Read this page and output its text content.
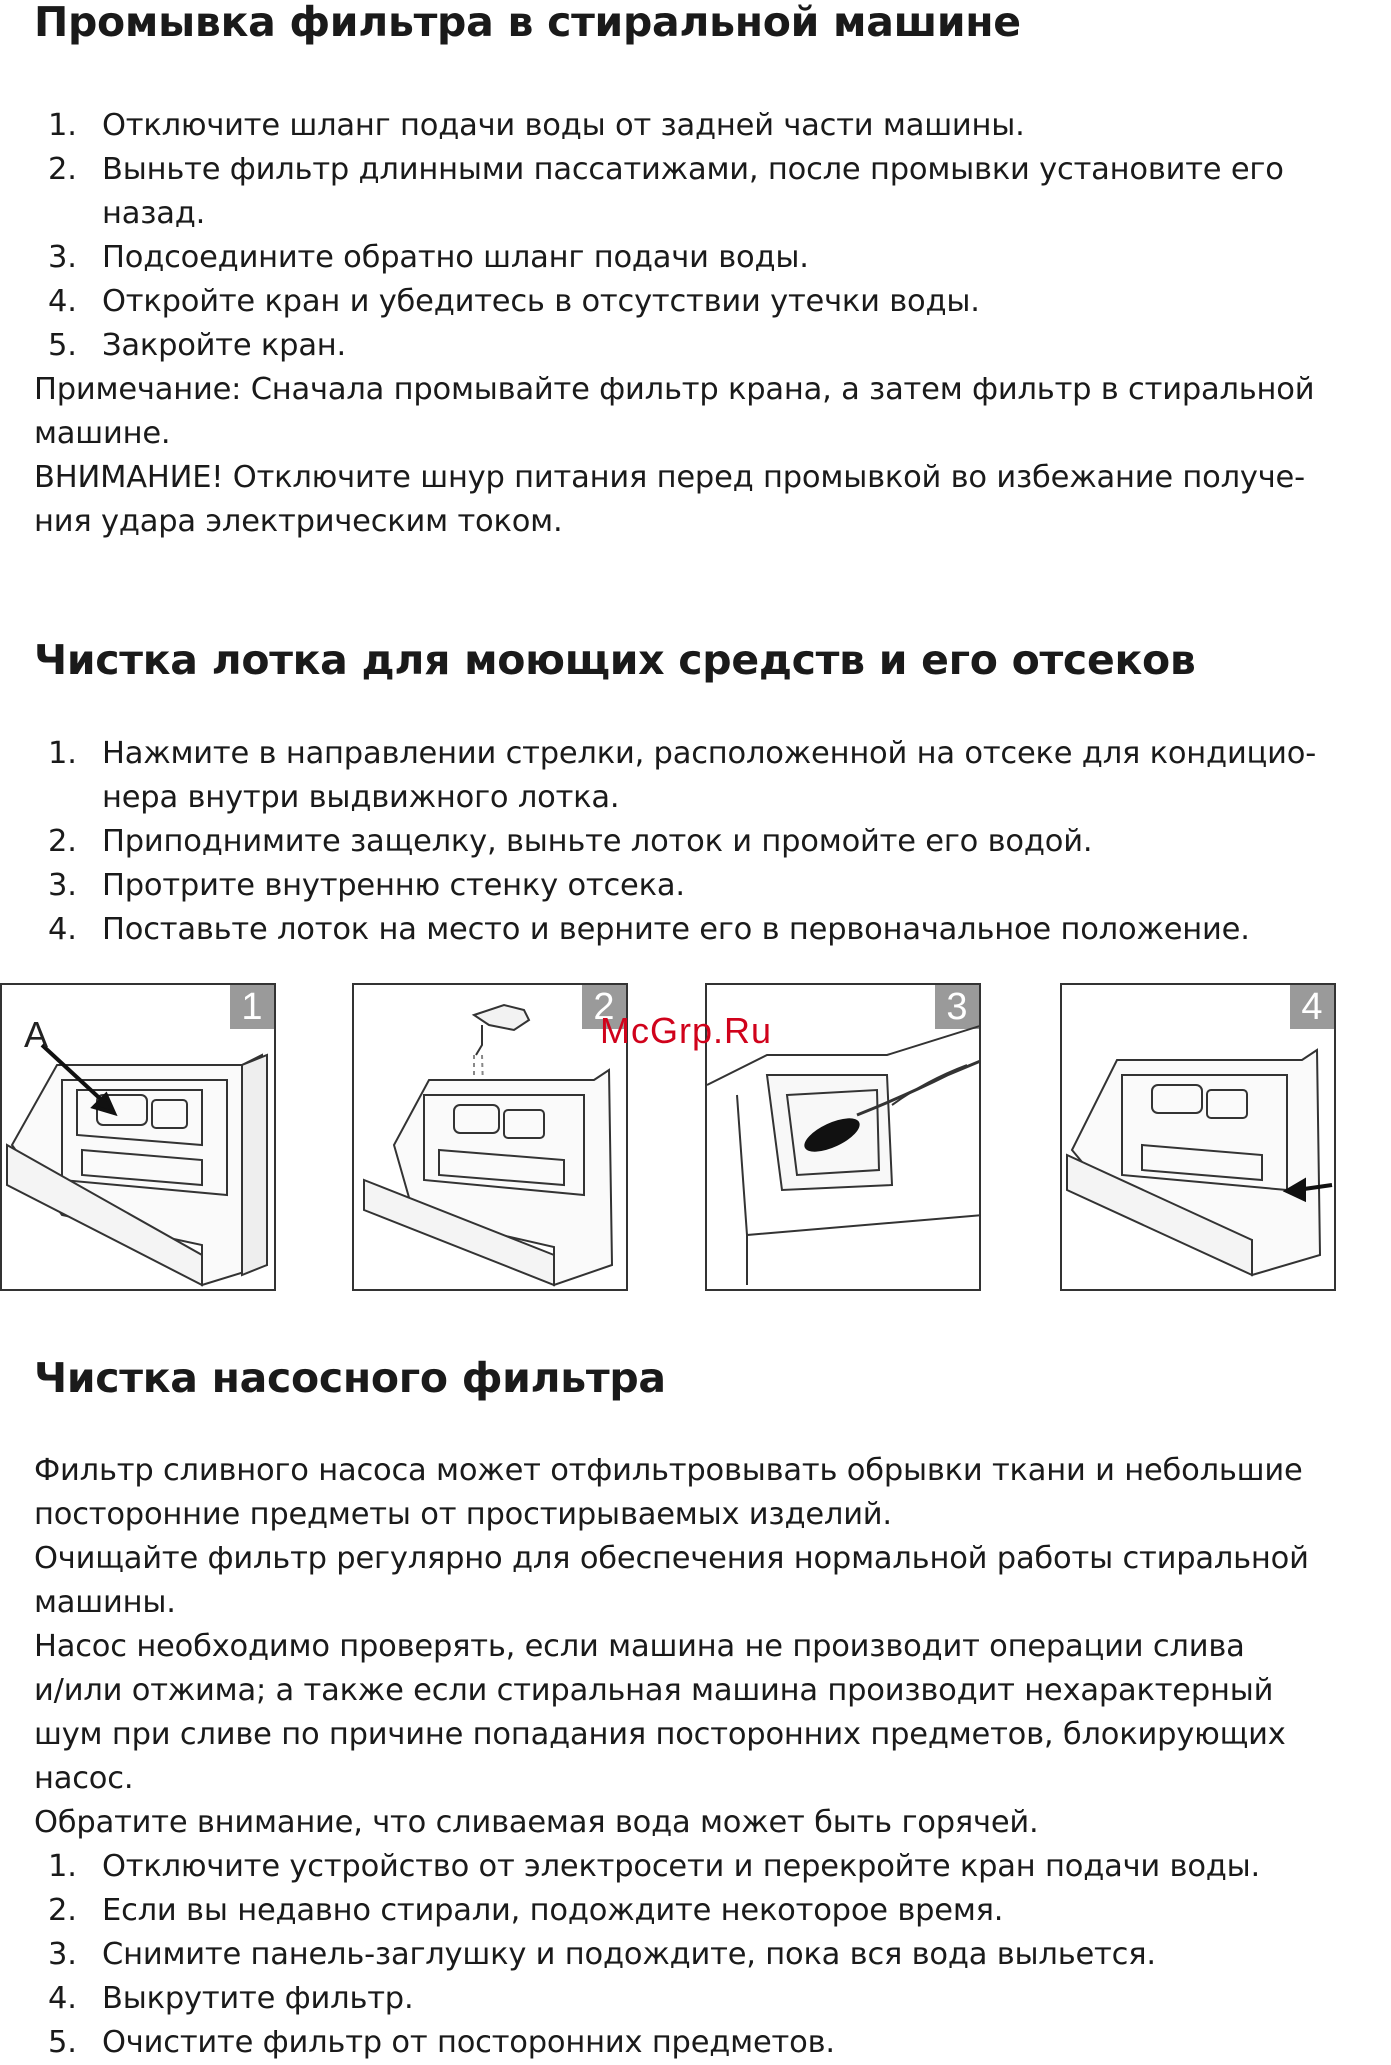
Промывка фильтра в стиральной машине
1. Отключите шланг подачи воды от задней части машины.
2. Выньте фильтр длинными пассатижами, после промывки установите его назад.
3. Подсоедините обратно шланг подачи воды.
4. Откройте кран и убедитесь в отсутствии утечки воды.
5. Закройте кран.

Примечание: Сначала промывайте фильтр крана, а затем фильтр в стиральной

машине.

ВНИМАНИЕ! Отключите шнур питания перед промывкой во избежание получе-

ния удара электрическим током.

Чистка лотка для моющих средств и его отсеков
1. Нажмите в направлении стрелки, расположенной на отсеке для кондицио-нера внутри выдвижного лотка.
2. Приподнимите защелку, выньте лоток и промойте его водой.
3. Протрите внутренню стенку отсека.
4. Поставьте лоток на место и верните его в первоначальное положение.
Чистка насосного фильтра

Фильтр сливного насоса может отфильтровывать обрывки ткани и небольшие

посторонние предметы от простирываемых изделий.

Очищайте фильтр регулярно для обеспечения нормальной работы стиральной

машины.

Насос необходимо проверять, если машина не производит операции слива

и/или отжима; а также если стиральная машина производит нехарактерный

шум при сливе по причине попадания посторонних предметов, блокирующих

насос.

Обратите внимание, что сливаемая вода может быть горячей.

1. Отключите устройство от электросети и перекройте кран подачи воды.
2. Если вы недавно стирали, подождите некоторое время.
3. Снимите панель-заглушку и подождите, пока вся вода выльется.
4. Выкрутите фильтр.
5. Очистите фильтр от посторонних предметов.
1
A
2	3	4
McGrp.Ru
